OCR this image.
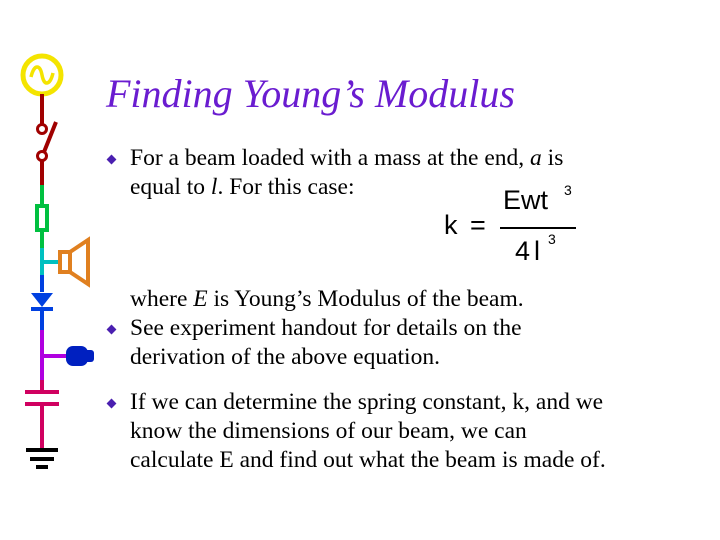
Finding Young’s Modulus
For a beam loaded with a mass at the end, a is
equal to l. For this case:
k =
Ewt 3
4 l 3
where E is Young’s Modulus of the beam.
See experiment handout for details on the
derivation of the above equation.
If we can determine the spring constant, k, and we
know the dimensions of our beam, we can
calculate E and find out what the beam is made of.
